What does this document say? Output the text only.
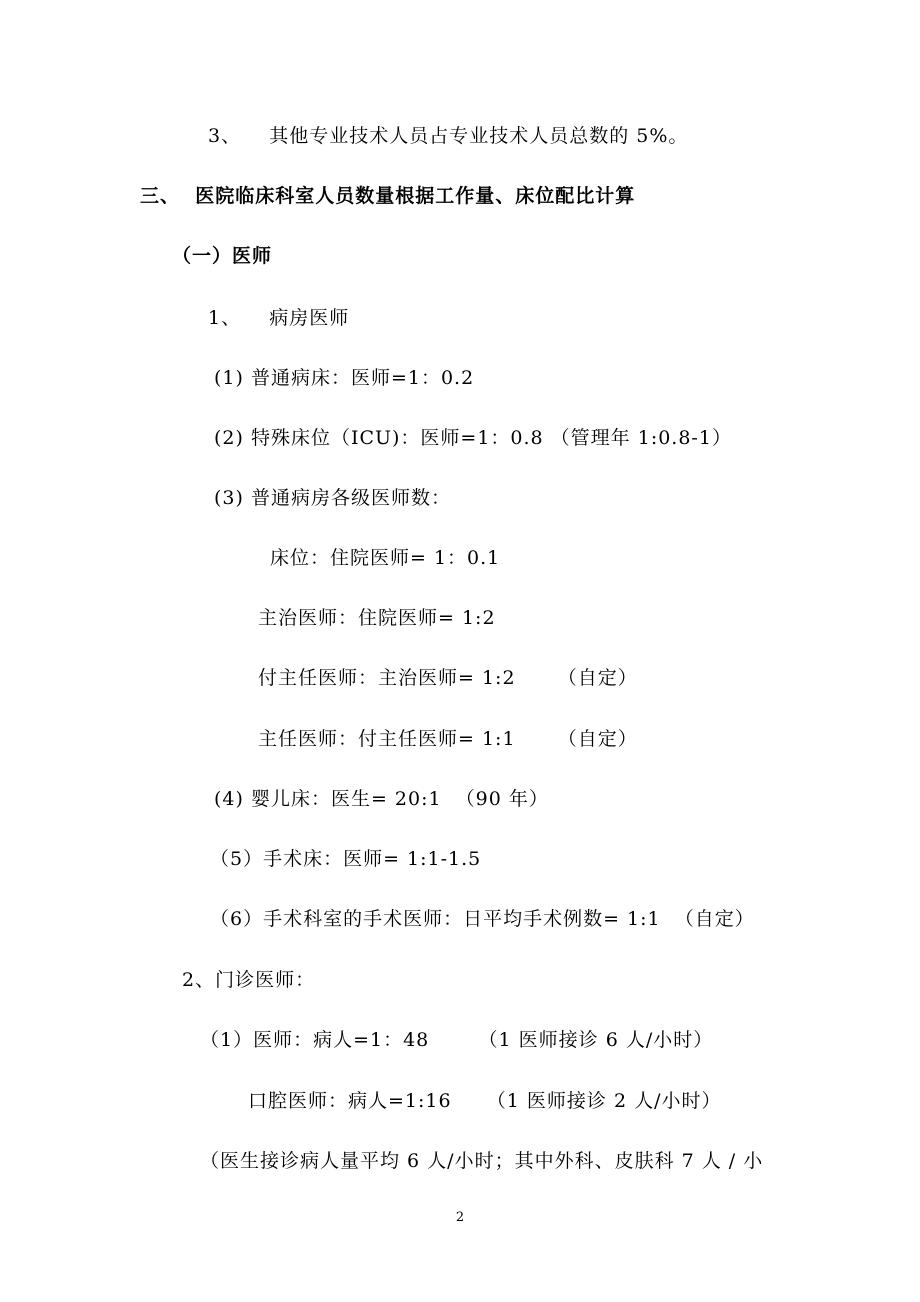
3、    其他专业技术人员占专业技术人员总数的 5%。
三、  医院临床科室人员数量根据工作量、床位配比计算
（一）医师
1、    病房医师
(1) 普通病床：医师=1：0.2
(2) 特殊床位（ICU)：医师=1：0.8 （管理年 1:0.8-1）
(3) 普通病房各级医师数：
床位：住院医师= 1：0.1
主治医师：住院医师= 1:2
付主任医师：主治医师= 1:2      （自定）
主任医师：付主任医师= 1:1      （自定）
(4) 婴儿床：医生= 20:1  （90 年）
（5）手术床：医师= 1:1-1.5
（6）手术科室的手术医师：日平均手术例数= 1:1  （自定）
2、门诊医师：
（1）医师：病人=1：48       （1 医师接诊 6 人/小时）
口腔医师：病人=1:16     （1 医师接诊 2 人/小时）
（医生接诊病人量平均 6 人/小时；其中外科、皮肤科 7 人 / 小
2
